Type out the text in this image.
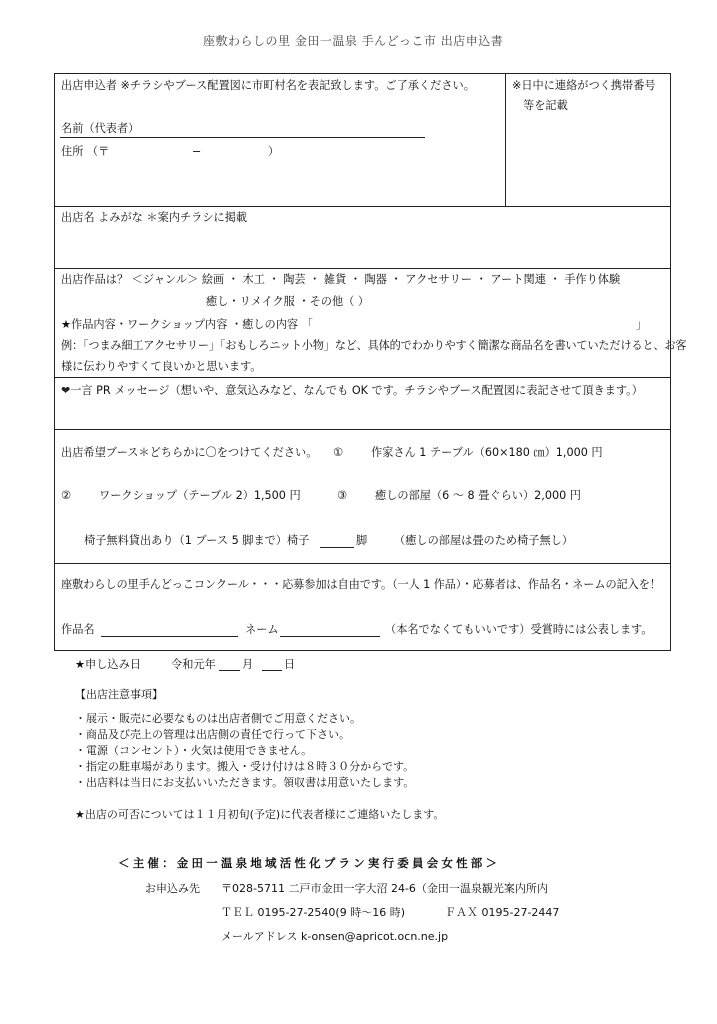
座敷わらしの里 金田一温泉 手んどっこ市 出店申込書
出店申込者 ※チラシやブース配置図に市町村名を表記致します。ご了承ください。	※日中に連絡がつく携帯番号
等を記載
名前（代表者）
住所 （〒	−	）
出店名 よみがな ＊案内チラシに掲載
出店作品は？ ＜ジャンル＞ 絵画 ・ 木工 ・ 陶芸 ・ 雑貨 ・ 陶器 ・ アクセサリー ・ アート関連 ・ 手作り体験
癒し・リメイク服 ・その他（ ）
★作品内容・ワークショップ内容 ・癒しの内容 「	」
例：「つまみ細工アクセサリー」「おもしろニット小物」など、具体的でわかりやすく簡潔な商品名を書いていただけると、お客
様に伝わりやすくて良いかと思います。
❤一言 PR メッセージ（想いや、意気込みなど、なんでも OK です。チラシやブース配置図に表記させて頂きます。）
出店希望ブース＊どちらかに〇をつけてください。 ① 作家さん 1 テーブル（60×180 ㎝）1,000 円
② ワークショップ（テーブル 2）1,500 円	③ 癒しの部屋（6 ～ 8 畳ぐらい）2,000 円
椅子無料貸出あり（1 ブース 5 脚まで）椅子	脚 （癒しの部屋は畳のため椅子無し）
座敷わらしの里手んどっこコンクール・・・応募参加は自由です。（一人 1 作品）・応募者は、作品名・ネームの記入を！
作品名	ネーム	（本名でなくてもいいです）受賞時には公表します。
★申し込み日	令和元年 月	日
【出店注意事項】
・展示・販売に必要なものは出店者側でご用意ください。
・商品及び売上の管理は出店側の責任で行って下さい。
・電源（コンセント）・火気は使用できません。
・指定の駐車場があります。搬入・受け付けは８時３０分からです。
・出店料は当日にお支払いいただきます。領収書は用意いたします。
★出店の可否については１１月初旬(予定)に代表者様にご連絡いたします。
＜主催：金田一温泉地域活性化プラン実行委員会女性部＞
お申込み先 〒028-5711 二戸市金田一字大沼 24-6（金田一温泉観光案内所内
ＴＥＬ 0195-27-2540(9 時～16 時)	ＦＡＸ 0195-27-2447
メールアドレス k-onsen@apricot.ocn.ne.jp
